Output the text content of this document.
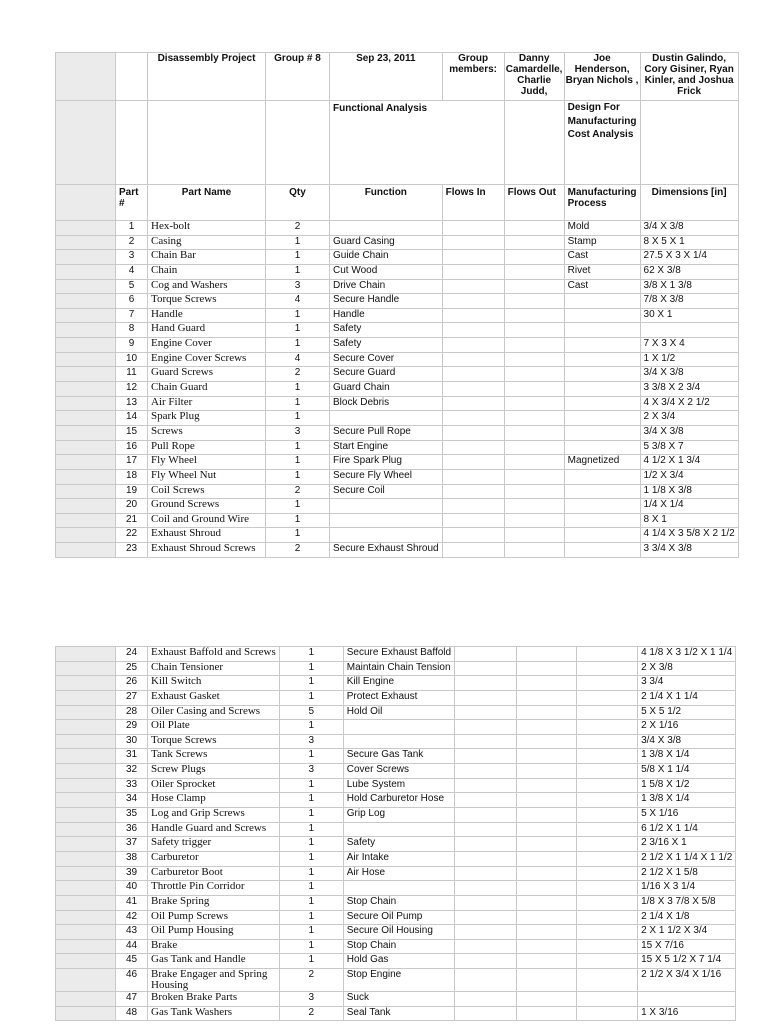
		Disassembly Project	Group # 8	Sep 23, 2011	Group members:	Danny Camardelle, Charlie Judd,	Joe Henderson, Bryan Nichols ,	Dustin Galindo, Cory Gisiner, Ryan Kinler, and Joshua Frick
				Functional Analysis			Design For Manufacturing Cost Analysis	
	Part #	Part Name	Qty	Function	Flows In	Flows Out	Manufacturing Process	Dimensions [in]
	1	Hex-bolt	2				Mold	3/4 X 3/8
	2	Casing	1	Guard Casing			Stamp	8 X 5 X 1
	3	Chain Bar	1	Guide Chain			Cast	27.5 X 3 X 1/4
	4	Chain	1	Cut Wood			Rivet	62 X 3/8
	5	Cog and Washers	3	Drive Chain			Cast	3/8 X 1 3/8
	6	Torque Screws	4	Secure Handle				7/8 X 3/8
	7	Handle	1	Handle				30 X 1
	8	Hand Guard	1	Safety				
	9	Engine Cover	1	Safety				7 X 3 X 4
	10	Engine Cover Screws	4	Secure Cover				1 X 1/2
	11	Guard Screws	2	Secure Guard				3/4 X 3/8
	12	Chain Guard	1	Guard Chain				3 3/8 X 2 3/4
	13	Air Filter	1	Block Debris				4 X 3/4 X 2 1/2
	14	Spark Plug	1					2 X 3/4
	15	Screws	3	Secure Pull Rope				3/4 X 3/8
	16	Pull Rope	1	Start Engine				5 3/8 X 7
	17	Fly Wheel	1	Fire Spark Plug			Magnetized	4 1/2 X 1 3/4
	18	Fly Wheel Nut	1	Secure Fly Wheel				1/2 X 3/4
	19	Coil Screws	2	Secure Coil				1 1/8 X 3/8
	20	Ground Screws	1					1/4 X 1/4
	21	Coil and Ground Wire	1					8 X 1
	22	Exhaust Shroud	1					4 1/4 X 3 5/8 X 2 1/2
	23	Exhaust Shroud Screws	2	Secure Exhaust Shroud				3 3/4 X 3/8
	24	Exhaust Baffold and Screws	1	Secure Exhaust Baffold				4 1/8 X 3 1/2 X 1 1/4
	25	Chain Tensioner	1	Maintain Chain Tension				2 X 3/8
	26	Kill Switch	1	Kill Engine				3 3/4
	27	Exhaust Gasket	1	Protect Exhaust				2 1/4 X 1 1/4
	28	Oiler Casing and Screws	5	Hold Oil				5 X 5 1/2
	29	Oil Plate	1					2 X 1/16
	30	Torque Screws	3					3/4 X 3/8
	31	Tank Screws	1	Secure Gas Tank				1 3/8 X 1/4
	32	Screw Plugs	3	Cover Screws				5/8 X 1 1/4
	33	Oiler Sprocket	1	Lube System				1 5/8 X 1/2
	34	Hose Clamp	1	Hold Carburetor Hose				1 3/8 X 1/4
	35	Log and Grip Screws	1	Grip Log				5 X 1/16
	36	Handle Guard and Screws	1					6 1/2 X 1 1/4
	37	Safety trigger	1	Safety				2 3/16 X 1
	38	Carburetor	1	Air Intake				2 1/2 X 1 1/4 X 1 1/2
	39	Carburetor Boot	1	Air Hose				2 1/2 X 1 5/8
	40	Throttle Pin Corridor	1					1/16 X 3 1/4
	41	Brake Spring	1	Stop Chain				1/8 X 3 7/8 X 5/8
	42	Oil Pump Screws	1	Secure Oil Pump				2 1/4 X 1/8
	43	Oil Pump Housing	1	Secure Oil Housing				2 X 1 1/2 X 3/4
	44	Brake	1	Stop Chain				15 X 7/16
	45	Gas Tank and Handle	1	Hold Gas				15 X 5 1/2 X 7 1/4
	46	Brake Engager and Spring Housing	2	Stop Engine				2 1/2 X 3/4 X 1/16
	47	Broken Brake Parts	3	Suck				
	48	Gas Tank Washers	2	Seal Tank				1 X 3/16
